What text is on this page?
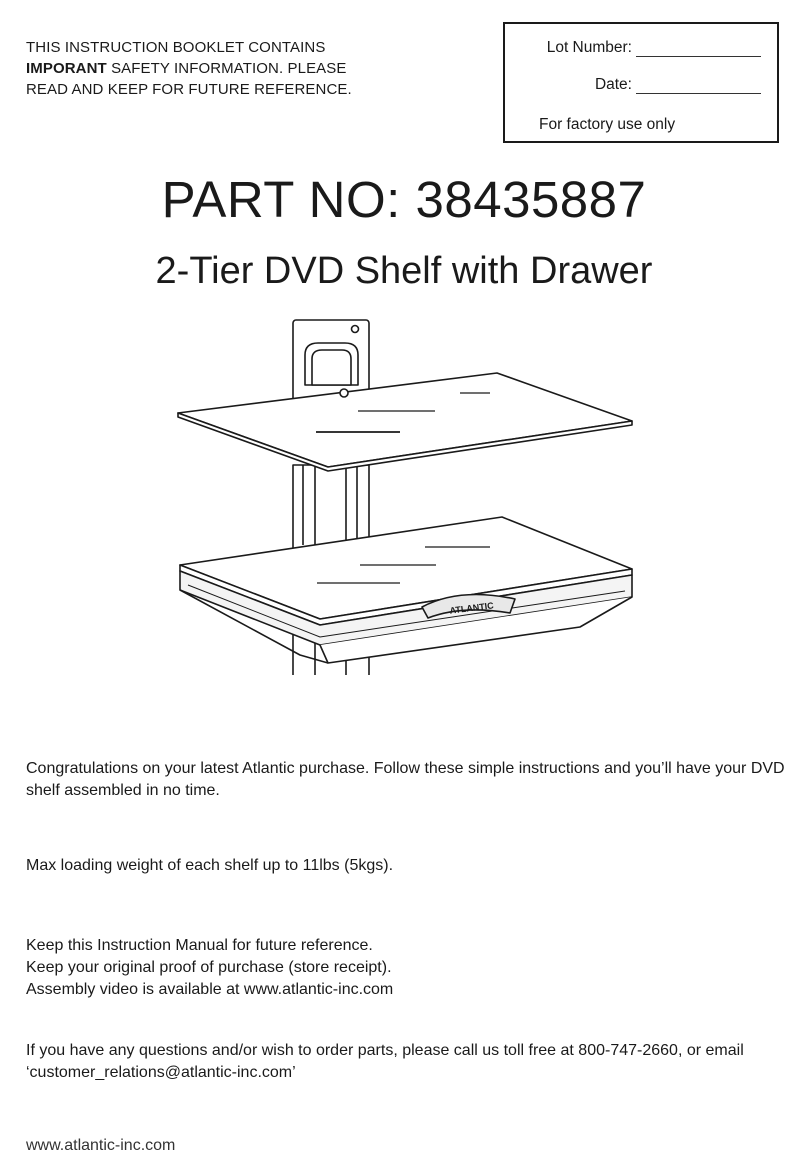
THIS INSTRUCTION BOOKLET CONTAINS
IMPORANT SAFETY INFORMATION. PLEASE
READ AND KEEP FOR FUTURE REFERENCE.
Lot Number:
Date:
For factory use only
PART NO: 38435887
2-Tier DVD Shelf with Drawer
ATLANTIC
Congratulations on your latest Atlantic purchase. Follow these simple instructions and you’ll have your DVD shelf assembled in no time.
Max loading weight of each shelf up to 11lbs (5kgs).
Keep this Instruction Manual for future reference.
Keep your original proof of purchase (store receipt).
Assembly video is available at www.atlantic-inc.com
If you have any questions and/or wish to order parts, please call us toll free at 800-747-2660, or email ‘customer_relations@atlantic-inc.com’
www.atlantic-inc.com
